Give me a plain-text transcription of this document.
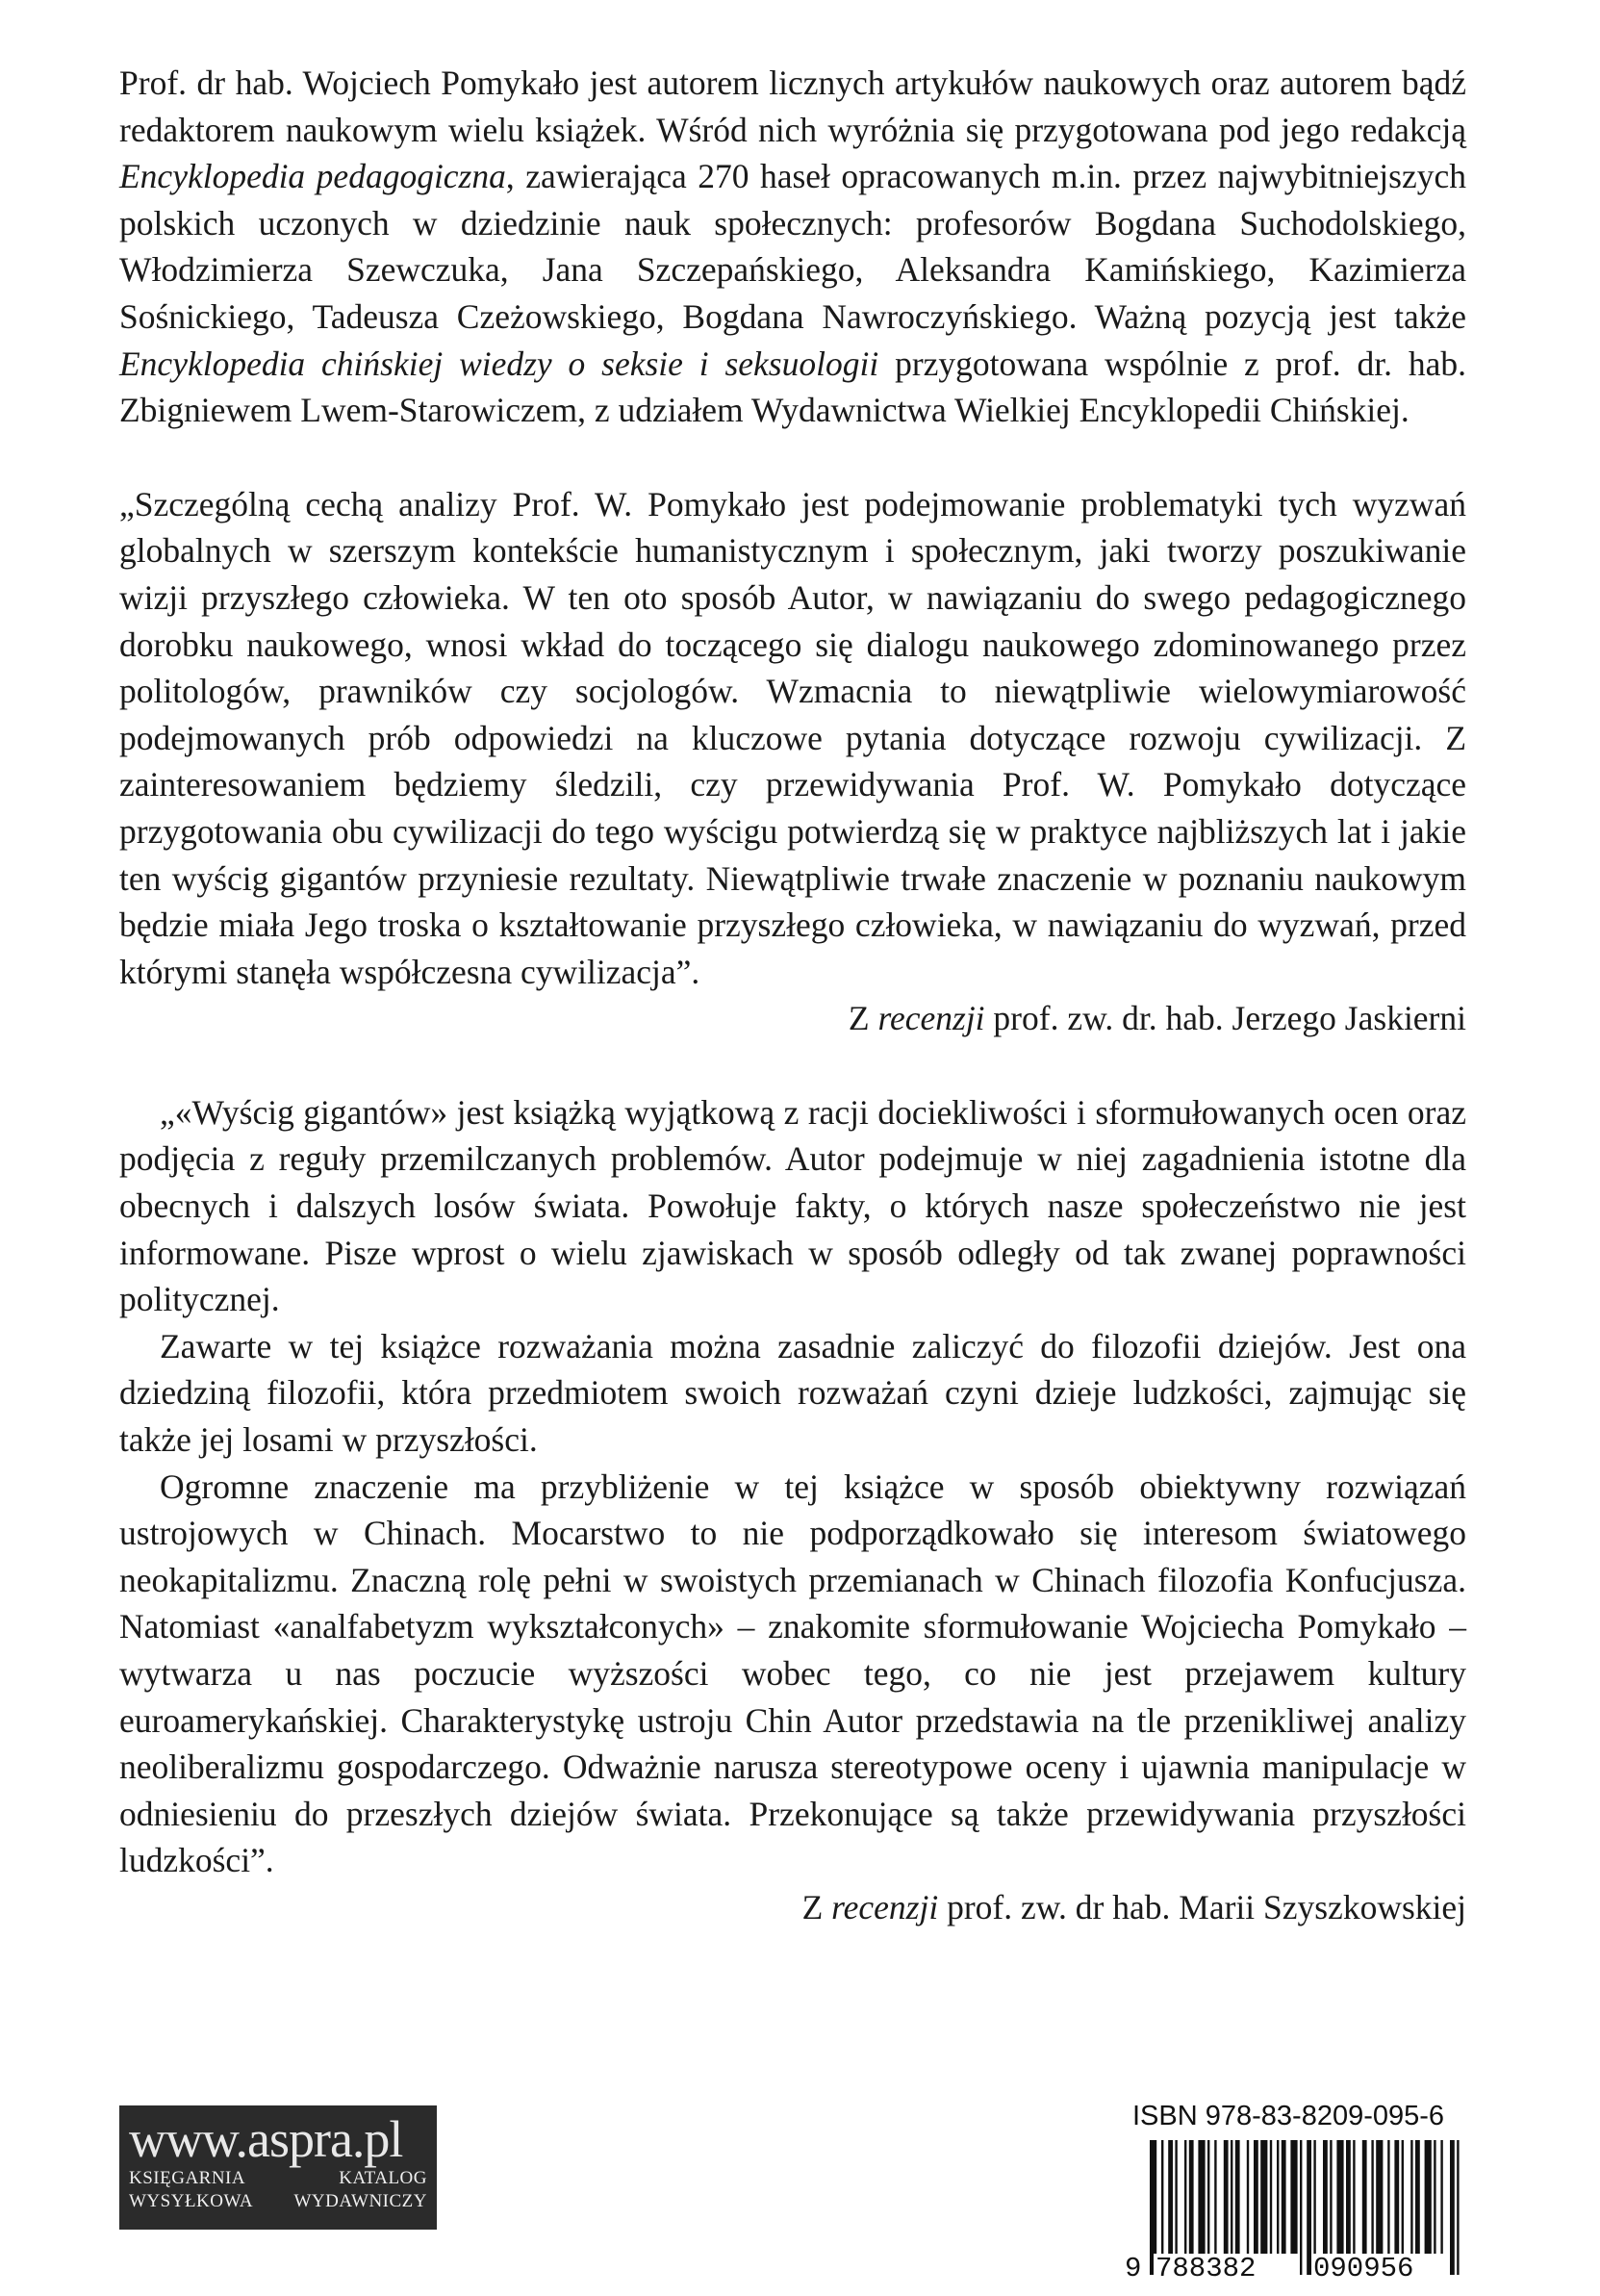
Prof. dr hab. Wojciech Pomykało jest autorem licznych artykułów naukowych oraz autorem bądź redaktorem naukowym wielu książek. Wśród nich wyróżnia się przygotowana pod jego redakcją Encyklopedia pedagogiczna, zawierająca 270 haseł opracowanych m.in. przez najwybitniejszych polskich uczonych w dziedzinie nauk społecznych: profesorów Bogdana Suchodolskiego, Włodzimierza Szewczuka, Jana Szczepańskiego, Aleksandra Kamińskiego, Kazimierza Sośnickiego, Tadeusza Czeżowskiego, Bogdana Nawroczyńskiego. Ważną pozycją jest także Encyklopedia chińskiej wiedzy o seksie i seksuologii przygotowana wspólnie z prof. dr. hab. Zbigniewem Lwem-Starowiczem, z udziałem Wydawnictwa Wielkiej Encyklopedii Chińskiej.

„Szczególną cechą analizy Prof. W. Pomykało jest podejmowanie problematyki tych wyzwań globalnych w szerszym kontekście humanistycznym i społecznym, jaki tworzy poszukiwanie wizji przyszłego człowieka. W ten oto sposób Autor, w nawiązaniu do swego pedagogicznego dorobku naukowego, wnosi wkład do toczącego się dialogu naukowego zdominowanego przez politologów, prawników czy socjologów. Wzmacnia to niewątpliwie wielowymiarowość podejmowanych prób odpowiedzi na kluczowe pytania dotyczące rozwoju cywilizacji. Z zainteresowaniem będziemy śledzili, czy przewidywania Prof. W. Pomykało dotyczące przygotowania obu cywilizacji do tego wyścigu potwierdzą się w praktyce najbliższych lat i jakie ten wyścig gigantów przyniesie rezultaty. Niewątpliwie trwałe znaczenie w poznaniu naukowym będzie miała Jego troska o kształtowanie przyszłego człowieka, w nawiązaniu do wyzwań, przed którymi stanęła współczesna cywilizacja”.

Z recenzji prof. zw. dr. hab. Jerzego Jaskierni

„«Wyścig gigantów» jest książką wyjątkową z racji dociekliwości i sformułowanych ocen oraz podjęcia z reguły przemilczanych problemów. Autor podejmuje w niej zagadnienia istotne dla obecnych i dalszych losów świata. Powołuje fakty, o których nasze społeczeństwo nie jest informowane. Pisze wprost o wielu zjawiskach w sposób odległy od tak zwanej poprawności politycznej.

Zawarte w tej książce rozważania można zasadnie zaliczyć do filozofii dziejów. Jest ona dziedziną filozofii, która przedmiotem swoich rozważań czyni dzieje ludzkości, zajmując się także jej losami w przyszłości.

Ogromne znaczenie ma przybliżenie w tej książce w sposób obiektywny rozwiązań ustrojowych w Chinach. Mocarstwo to nie podporządkowało się interesom światowego neokapitalizmu. Znaczną rolę pełni w swoistych przemianach w Chinach filozofia Konfucjusza. Natomiast «analfabetyzm wykształconych» – znakomite sformułowanie Wojciecha Pomykało – wytwarza u nas poczucie wyższości wobec tego, co nie jest przejawem kultury euroamerykańskiej. Charakterystykę ustroju Chin Autor przedstawia na tle przenikliwej analizy neoliberalizmu gospodarczego. Odważnie narusza stereotypowe oceny i ujawnia manipulacje w odniesieniu do przeszłych dziejów świata. Przekonujące są także przewidywania przyszłości ludzkości”.

Z recenzji prof. zw. dr hab. Marii Szyszkowskiej
www.aspra.pl
KSIĘGARNIA	KATALOG
WYSYŁKOWA WYDAWNICZY
ISBN 978-83-8209-095-6
9 788382 090956
